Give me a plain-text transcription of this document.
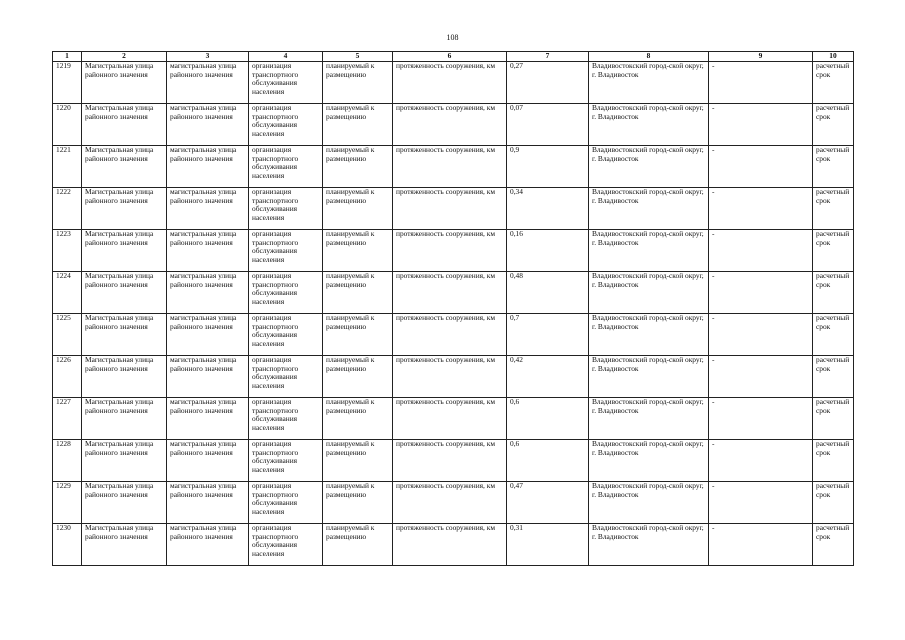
108
1	2	3	4	5	6	7	8	9	10
1219	Магистральная улица районного значения	магистральная улица районного значения	организация транспортного обслуживания населения	планируемый к размещению	протяженность сооружения, км	0,27	Владивостокский город-ской округ, г. Владивосток	-	расчетный срок
1220	Магистральная улица районного значения	магистральная улица районного значения	организация транспортного обслуживания населения	планируемый к размещению	протяженность сооружения, км	0,07	Владивостокский город-ской округ, г. Владивосток	-	расчетный срок
1221	Магистральная улица районного значения	магистральная улица районного значения	организация транспортного обслуживания населения	планируемый к размещению	протяженность сооружения, км	0,9	Владивостокский город-ской округ, г. Владивосток	-	расчетный срок
1222	Магистральная улица районного значения	магистральная улица районного значения	организация транспортного обслуживания населения	планируемый к размещению	протяженность сооружения, км	0,34	Владивостокский город-ской округ, г. Владивосток	-	расчетный срок
1223	Магистральная улица районного значения	магистральная улица районного значения	организация транспортного обслуживания населения	планируемый к размещению	протяженность сооружения, км	0,16	Владивостокский город-ской округ, г. Владивосток	-	расчетный срок
1224	Магистральная улица районного значения	магистральная улица районного значения	организация транспортного обслуживания населения	планируемый к размещению	протяженность сооружения, км	0,48	Владивостокский город-ской округ, г. Владивосток	-	расчетный срок
1225	Магистральная улица районного значения	магистральная улица районного значения	организация транспортного обслуживания населения	планируемый к размещению	протяженность сооружения, км	0,7	Владивостокский город-ской округ, г. Владивосток	-	расчетный срок
1226	Магистральная улица районного значения	магистральная улица районного значения	организация транспортного обслуживания населения	планируемый к размещению	протяженность сооружения, км	0,42	Владивостокский город-ской округ, г. Владивосток	-	расчетный срок
1227	Магистральная улица районного значения	магистральная улица районного значения	организация транспортного обслуживания населения	планируемый к размещению	протяженность сооружения, км	0,6	Владивостокский город-ской округ, г. Владивосток	-	расчетный срок
1228	Магистральная улица районного значения	магистральная улица районного значения	организация транспортного обслуживания населения	планируемый к размещению	протяженность сооружения, км	0,6	Владивостокский город-ской округ, г. Владивосток	-	расчетный срок
1229	Магистральная улица районного значения	магистральная улица районного значения	организация транспортного обслуживания населения	планируемый к размещению	протяженность сооружения, км	0,47	Владивостокский город-ской округ, г. Владивосток	-	расчетный срок
1230	Магистральная улица районного значения	магистральная улица районного значения	организация транспортного обслуживания населения	планируемый к размещению	протяженность сооружения, км	0,31	Владивостокский город-ской округ, г. Владивосток	-	расчетный срок
